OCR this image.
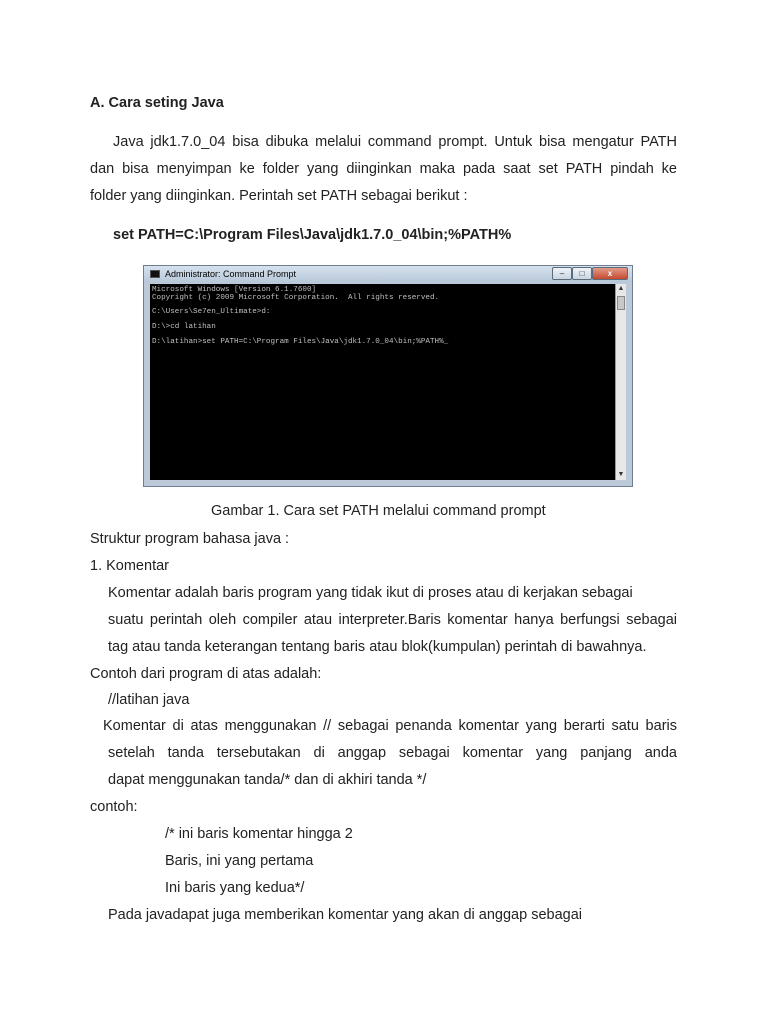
A. Cara seting Java
Java jdk1.7.0_04 bisa dibuka melalui command prompt. Untuk bisa mengatur PATH
dan bisa menyimpan ke folder yang diinginkan maka pada saat set PATH pindah ke
folder yang diinginkan. Perintah set PATH sebagai berikut :
set PATH=C:\Program Files\Java\jdk1.7.0_04\bin;%PATH%
Administrator: Command Prompt	–	□	x
Microsoft Windows [Version 6.1.7600]
Copyright (c) 2009 Microsoft Corporation.  All rights reserved.
C:\Users\Se7en_Ultimate>d:
D:\>cd latihan
D:\latihan>set PATH=C:\Program Files\Java\jdk1.7.0_04\bin;%PATH%_
▲
▼
Gambar 1. Cara set PATH melalui command prompt
Struktur program bahasa java :
1. Komentar
Komentar adalah baris program yang tidak ikut di proses atau di kerjakan sebagai
suatu perintah oleh compiler atau interpreter.Baris komentar hanya berfungsi sebagai
tag atau tanda keterangan tentang baris atau blok(kumpulan) perintah di bawahnya.
Contoh dari program di atas adalah:
//latihan java
Komentar di atas menggunakan // sebagai penanda komentar yang berarti satu baris
setelah tanda tersebutakan di anggap sebagai komentar yang panjang anda
dapat menggunakan tanda/* dan di akhiri tanda */
contoh:
/* ini baris komentar hingga 2
Baris, ini yang pertama
Ini baris yang kedua*/
Pada javadapat juga memberikan komentar yang akan di anggap sebagai
